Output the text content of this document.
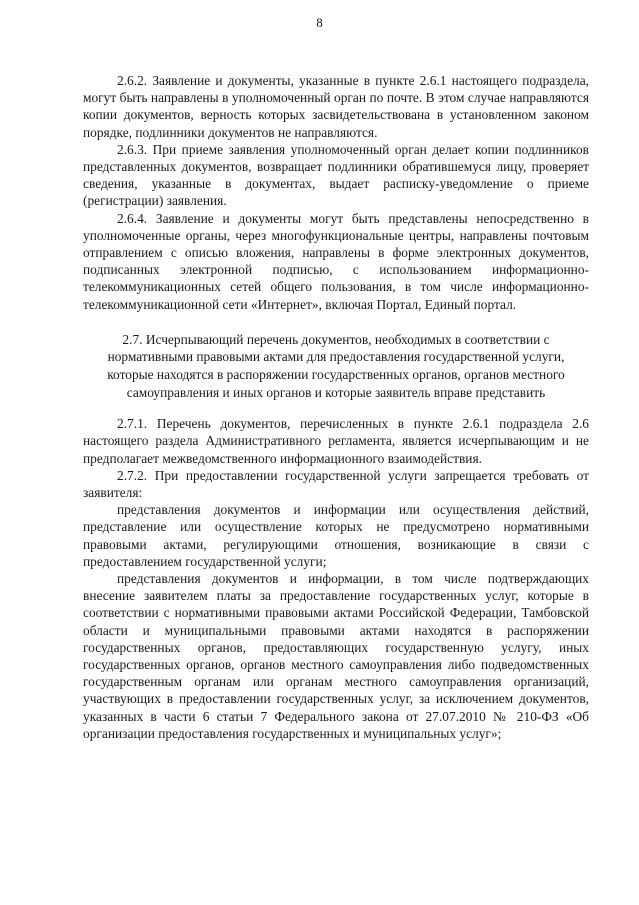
8

2.6.2. Заявление и документы, указанные в пункте 2.6.1 настоящего подраздела, могут быть направлены в уполномоченный орган по почте. В этом случае направляются копии документов, верность которых засвидетельствована в установленном законом порядке, подлинники документов не направляются.

2.6.3. При приеме заявления уполномоченный орган делает копии подлинников представленных документов, возвращает подлинники обратившемуся лицу, проверяет сведения, указанные в документах, выдает расписку-уведомление о приеме (регистрации) заявления.

2.6.4. Заявление и документы могут быть представлены непосредственно в уполномоченные органы, через многофункциональные центры, направлены почтовым отправлением с описью вложения, направлены в форме электронных документов, подписанных электронной подписью, с использованием информационно-телекоммуникационных сетей общего пользования, в том числе информационно-телекоммуникационной сети «Интернет», включая Портал, Единый портал.

2.7. Исчерпывающий перечень документов, необходимых в соответствии с нормативными правовыми актами для предоставления государственной услуги, которые находятся в распоряжении государственных органов, органов местного самоуправления и иных органов и которые заявитель вправе представить

2.7.1. Перечень документов, перечисленных в пункте 2.6.1 подраздела 2.6 настоящего раздела Административного регламента, является исчерпывающим и не предполагает межведомственного информационного взаимодействия.

2.7.2. При предоставлении государственной услуги запрещается требовать от заявителя:

представления документов и информации или осуществления действий, представление или осуществление которых не предусмотрено нормативными правовыми актами, регулирующими отношения, возникающие в связи с предоставлением государственной услуги;

представления документов и информации, в том числе подтверждающих внесение заявителем платы за предоставление государственных услуг, которые в соответствии с нормативными правовыми актами Российской Федерации, Тамбовской области и муниципальными правовыми актами находятся в распоряжении государственных органов, предоставляющих государственную услугу, иных государственных органов, органов местного самоуправления либо подведомственных государственным органам или органам местного самоуправления организаций, участвующих в предоставлении государственных услуг, за исключением документов, указанных в части 6 статьи 7 Федерального закона от 27.07.2010 № 210-ФЗ «Об организации предоставления государственных и муниципальных услуг»;
